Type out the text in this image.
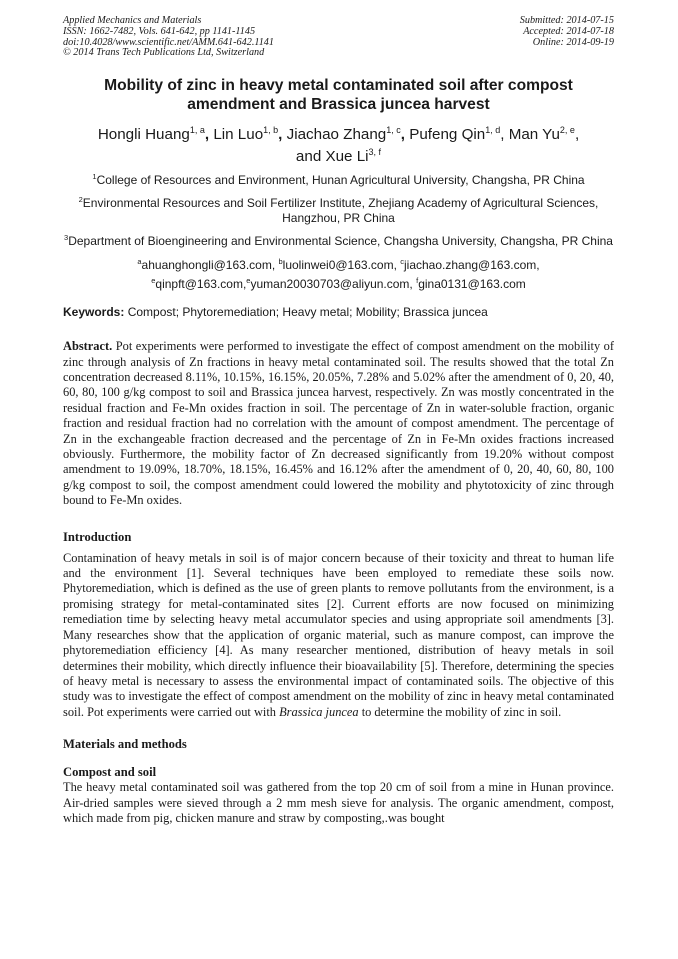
Applied Mechanics and Materials
ISSN: 1662-7482, Vols. 641-642, pp 1141-1145
doi:10.4028/www.scientific.net/AMM.641-642.1141
© 2014 Trans Tech Publications Ltd, Switzerland
Submitted: 2014-07-15
Accepted: 2014-07-18
Online: 2014-09-19
Mobility of zinc in heavy metal contaminated soil after compost
amendment and Brassica juncea harvest
Hongli Huang$^{1, a}$, Lin Luo$^{1, b}$, Jiachao Zhang$^{1, c}$, Pufeng Qin$^{1, d}$, Man Yu$^{2, e}$,
and Xue Li$^{3, f}$
$^1$College of Resources and Environment, Hunan Agricultural University, Changsha, PR China
$^2$Environmental Resources and Soil Fertilizer Institute, Zhejiang Academy of Agricultural Sciences, Hangzhou, PR China
$^3$Department of Bioengineering and Environmental Science, Changsha University, Changsha, PR China
$^a$ahuanghongli@163.com, $^b$luolinwei0@163.com, $^c$jiachao.zhang@163.com,
$^e$qinpft@163.com,$^e$yuman20030703@aliyun.com, $^f$gina0131@163.com
Keywords: Compost; Phytoremediation; Heavy metal; Mobility; Brassica juncea

Abstract. Pot experiments were performed to investigate the effect of compost amendment on the mobility of zinc through analysis of Zn fractions in heavy metal contaminated soil. The results showed that the total Zn concentration decreased 8.11%, 10.15%, 16.15%, 20.05%, 7.28% and 5.02% after the amendment of 0, 20, 40, 60, 80, 100 g/kg compost to soil and Brassica juncea harvest, respectively. Zn was mostly concentrated in the residual fraction and Fe-Mn oxides fraction in soil. The percentage of Zn in water-soluble fraction, organic fraction and residual fraction had no correlation with the amount of compost amendment. The percentage of Zn in the exchangeable fraction decreased and the percentage of Zn in Fe-Mn oxides fractions increased obviously. Furthermore, the mobility factor of Zn decreased significantly from 19.20% without compost amendment to 19.09%, 18.70%, 18.15%, 16.45% and 16.12% after the amendment of 0, 20, 40, 60, 80, 100 g/kg compost to soil, the compost amendment could lowered the mobility and phytotoxicity of zinc through bound to Fe-Mn oxides.

Introduction

Contamination of heavy metals in soil is of major concern because of their toxicity and threat to human life and the environment [1]. Several techniques have been employed to remediate these soils now. Phytoremediation, which is defined as the use of green plants to remove pollutants from the environment, is a promising strategy for metal-contaminated sites [2]. Current efforts are now focused on minimizing remediation time by selecting heavy metal accumulator species and using appropriate soil amendments [3]. Many researches show that the application of organic material, such as manure compost, can improve the phytoremediation efficiency [4]. As many researcher mentioned, distribution of heavy metals in soil determines their mobility, which directly influence their bioavailability [5]. Therefore, determining the species of heavy metal is necessary to assess the environmental impact of contaminated soils. The objective of this study was to investigate the effect of compost amendment on the mobility of zinc in heavy metal contaminated soil. Pot experiments were carried out with Brassica juncea to determine the mobility of zinc in soil.

Materials and methods
Compost and soil

The heavy metal contaminated soil was gathered from the top 20 cm of soil from a mine in Hunan province. Air-dried samples were sieved through a 2 mm mesh sieve for analysis. The organic amendment, compost, which made from pig, chicken manure and straw by composting,.was bought
